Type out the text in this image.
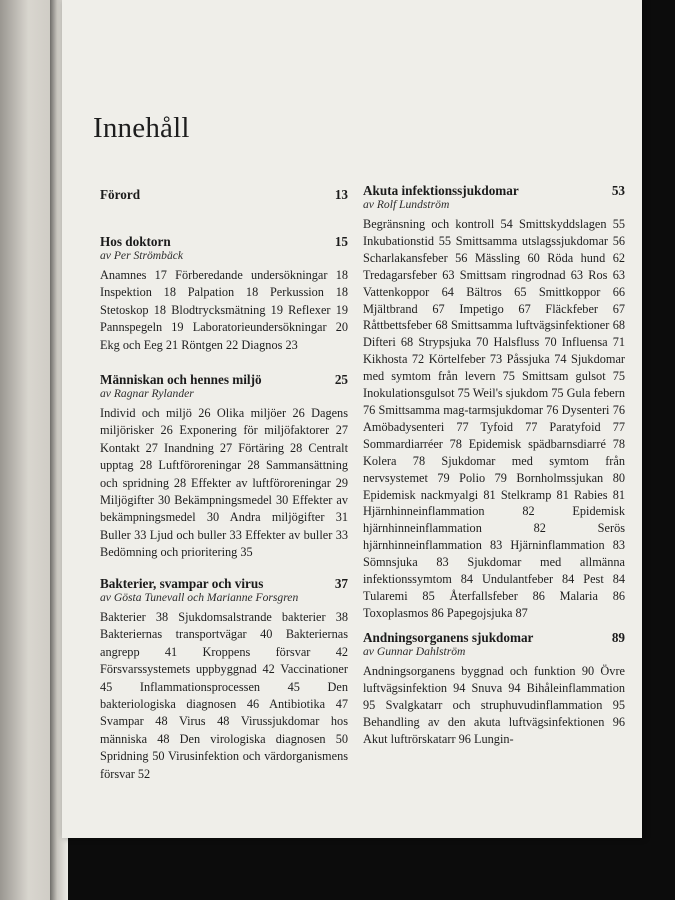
Innehåll
Förord	13
Hos doktorn	15
av Per Strömbäck
Anamnes 17 Förberedande undersökningar 18 Inspektion 18 Palpation 18 Perkussion 18 Stetoskop 18 Blodtrycksmätning 19 Reflexer 19 Pannspegeln 19 Laboratorieundersökningar 20 Ekg och Eeg 21 Röntgen 22 Diagnos 23
Människan och hennes miljö	25
av Ragnar Rylander
Individ och miljö 26 Olika miljöer 26 Dagens miljörisker 26 Exponering för miljöfaktorer 27 Kontakt 27 Inandning 27 Förtäring 28 Centralt upptag 28 Luftföroreningar 28 Sammansättning och spridning 28 Effekter av luftföroreningar 29 Miljögifter 30 Bekämpningsmedel 30 Effekter av bekämpningsmedel 30 Andra miljögifter 31 Buller 33 Ljud och buller 33 Effekter av buller 33 Bedömning och prioritering 35
Bakterier, svampar och virus	37
av Gösta Tunevall och Marianne Forsgren
Bakterier 38 Sjukdomsalstrande bakterier 38 Bakteriernas transportvägar 40 Bakteriernas angrepp 41 Kroppens försvar 42 Försvarssystemets uppbyggnad 42 Vaccinationer 45 Inflammationsprocessen 45 Den bakteriologiska diagnosen 46 Antibiotika 47 Svampar 48 Virus 48 Virussjukdomar hos människa 48 Den virologiska diagnosen 50 Spridning 50 Virusinfektion och värdorganismens försvar 52
Akuta infektionssjukdomar	53
av Rolf Lundström
Begränsning och kontroll 54 Smittskyddslagen 55 Inkubationstid 55 Smittsamma utslagssjukdomar 56 Scharlakansfeber 56 Mässling 60 Röda hund 62 Tredagarsfeber 63 Smittsam ringrodnad 63 Ros 63 Vattenkoppor 64 Bältros 65 Smittkoppor 66 Mjältbrand 67 Impetigo 67 Fläckfeber 67 Råttbettsfeber 68 Smittsamma luftvägsinfektioner 68 Difteri 68 Strypsjuka 70 Halsfluss 70 Influensa 71 Kikhosta 72 Körtelfeber 73 Påssjuka 74 Sjukdomar med symtom från levern 75 Smittsam gulsot 75 Inokulationsgulsot 75 Weil's sjukdom 75 Gula febern 76 Smittsamma mag-tarmsjukdomar 76 Dysenteri 76 Amöbadysenteri 77 Tyfoid 77 Paratyfoid 77 Sommardiarréer 78 Epidemisk spädbarnsdiarré 78 Kolera 78 Sjukdomar med symtom från nervsystemet 79 Polio 79 Bornholmssjukan 80 Epidemisk nackmyalgi 81 Stelkramp 81 Rabies 81 Hjärnhinneinflammation 82 Epidemisk hjärnhinneinflammation 82 Serös hjärnhinneinflammation 83 Hjärninflammation 83 Sömnsjuka 83 Sjukdomar med allmänna infektionssymtom 84 Undulantfeber 84 Pest 84 Tularemi 85 Återfallsfeber 86 Malaria 86 Toxoplasmos 86 Papegojsjuka 87
Andningsorganens sjukdomar	89
av Gunnar Dahlström
Andningsorganens byggnad och funktion 90 Övre luftvägsinfektion 94 Snuva 94 Bihåleinflammation 95 Svalgkatarr och struphuvudinflammation 95 Behandling av den akuta luftvägsinfektionen 96 Akut luftrörskatarr 96 Lungin-
